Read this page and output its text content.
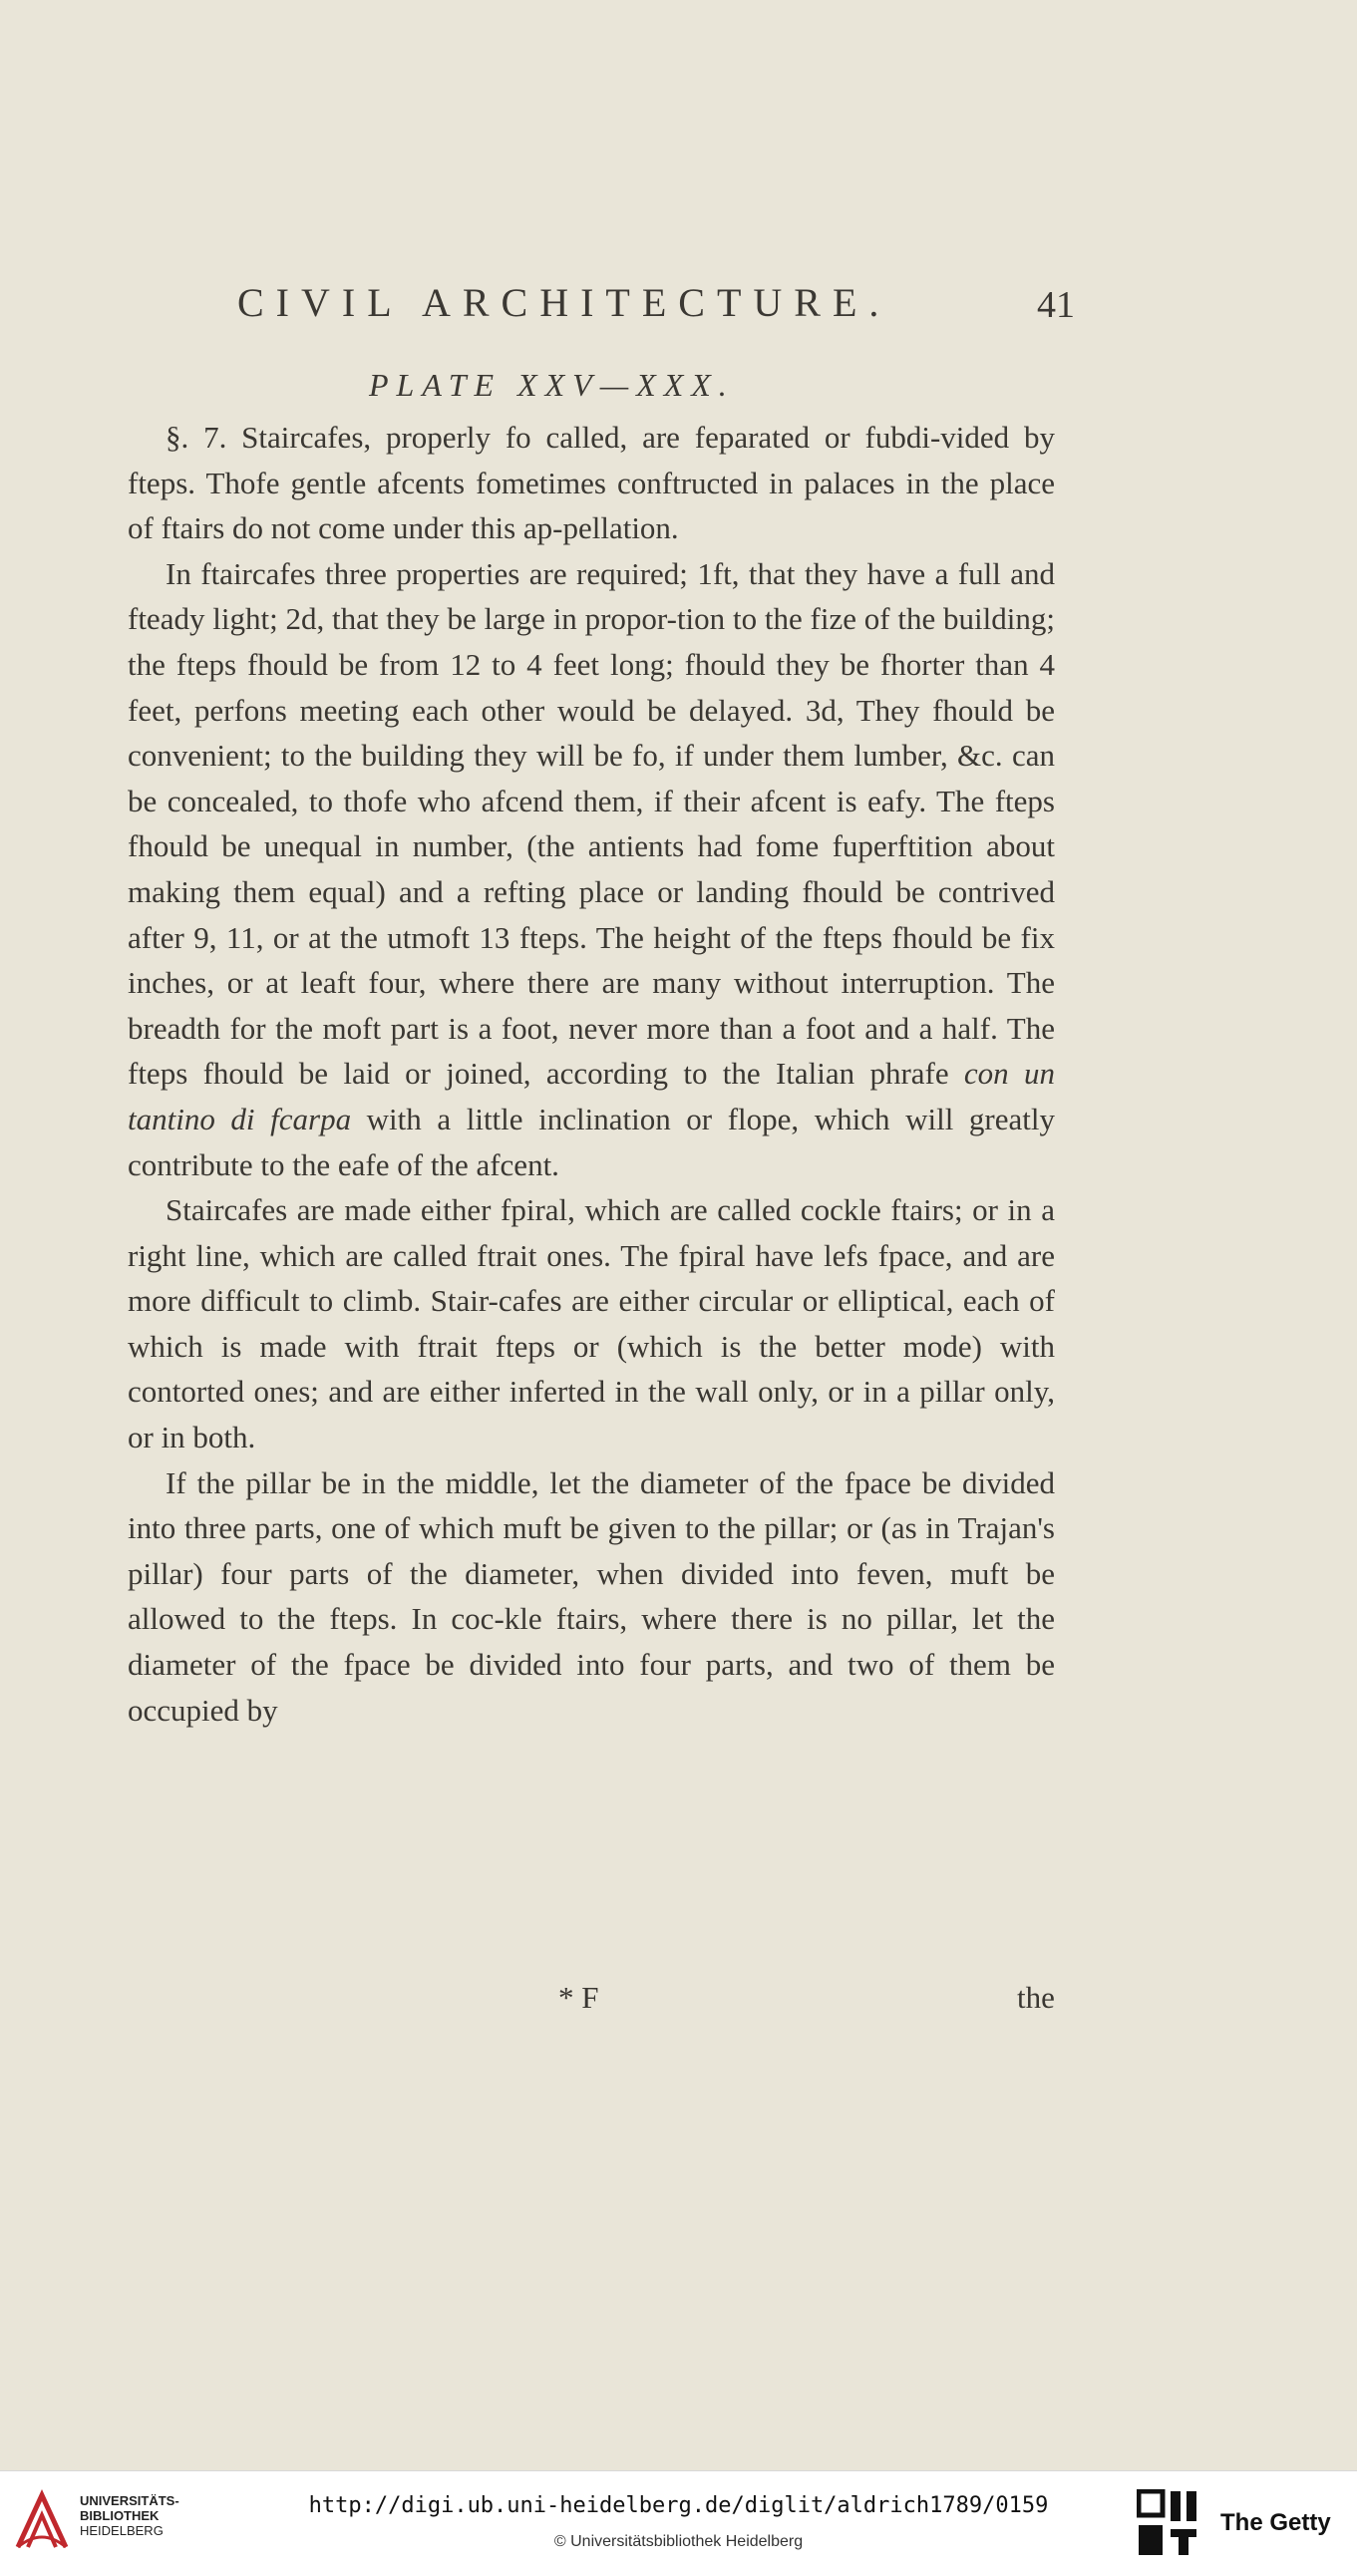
CIVIL ARCHITECTURE.	41
PLATE XXV—XXX.

§. 7. Staircafes, properly fo called, are feparated or fubdi-vided by fteps. Thofe gentle afcents fometimes conftructed in palaces in the place of ftairs do not come under this ap-pellation.

In ftaircafes three properties are required; 1ft, that they have a full and fteady light; 2d, that they be large in propor-tion to the fize of the building; the fteps fhould be from 12 to 4 feet long; fhould they be fhorter than 4 feet, perfons meeting each other would be delayed. 3d, They fhould be convenient; to the building they will be fo, if under them lumber, &c. can be concealed, to thofe who afcend them, if their afcent is eafy. The fteps fhould be unequal in number, (the antients had fome fuperftition about making them equal) and a refting place or landing fhould be contrived after 9, 11, or at the utmoft 13 fteps. The height of the fteps fhould be fix inches, or at leaft four, where there are many without interruption. The breadth for the moft part is a foot, never more than a foot and a half. The fteps fhould be laid or joined, according to the Italian phrafe con un tantino di fcarpa with a little inclination or flope, which will greatly contribute to the eafe of the afcent.

Staircafes are made either fpiral, which are called cockle ftairs; or in a right line, which are called ftrait ones. The fpiral have lefs fpace, and are more difficult to climb. Stair-cafes are either circular or elliptical, each of which is made with ftrait fteps or (which is the better mode) with contorted ones; and are either inferted in the wall only, or in a pillar only, or in both.

If the pillar be in the middle, let the diameter of the fpace be divided into three parts, one of which muft be given to the pillar; or (as in Trajan's pillar) four parts of the diameter, when divided into feven, muft be allowed to the fteps. In coc-kle ftairs, where there is no pillar, let the diameter of the fpace be divided into four parts, and two of them be occupied by

* F	the
UNIVERSITÄTS-
BIBLIOTHEK
HEIDELBERG
http://digi.ub.uni-heidelberg.de/diglit/aldrich1789/0159
© Universitätsbibliothek Heidelberg
The Getty
